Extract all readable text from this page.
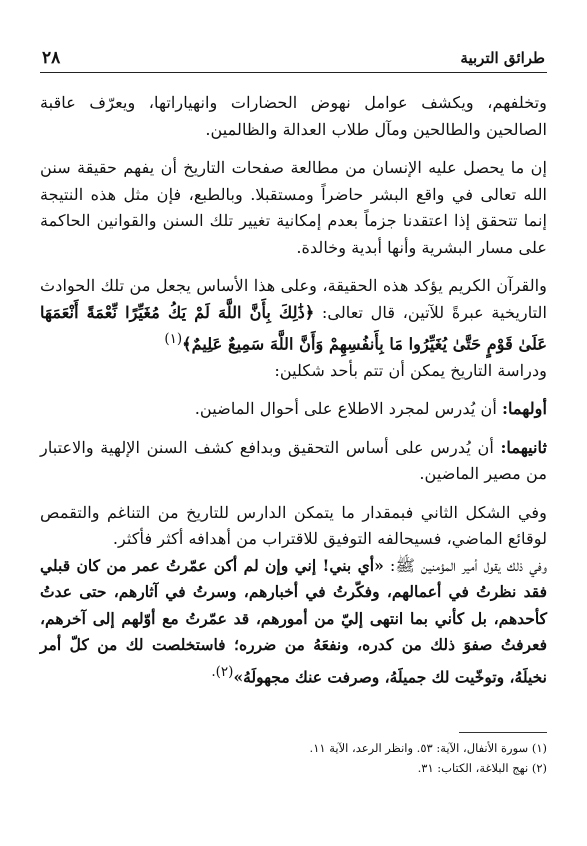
٢٨	طرائق التربية

وتخلفهم، ويكشف عوامل نهوض الحضارات وانهياراتها، ويعرّف عاقبة الصالحين والطالحين ومآل طلاب العدالة والظالمين.

إن ما يحصل عليه الإنسان من مطالعة صفحات التاريخ أن يفهم حقيقة سنن الله تعالى في واقع البشر حاضراً ومستقبلا. وبالطبع، فإن مثل هذه النتيجة إنما تتحقق إذا اعتقدنا جزماً بعدم إمكانية تغيير تلك السنن والقوانين الحاكمة على مسار البشرية وأنها أبدية وخالدة.

والقرآن الكريم يؤكد هذه الحقيقة، وعلى هذا الأساس يجعل من تلك الحوادث التاريخية عبرةً للآتين، قال تعالى: ﴿ذَٰلِكَ بِأَنَّ اللَّهَ لَمْ يَكُ مُغَيِّرًا نِّعْمَةً أَنْعَمَهَا عَلَىٰ قَوْمٍ حَتَّىٰ يُغَيِّرُوا مَا بِأَنفُسِهِمْ وَأَنَّ اللَّهَ سَمِيعٌ عَلِيمٌ﴾$^{(١)}$

ودراسة التاريخ يمكن أن تتم بأحد شكلين:

أولهما: أن يُدرس لمجرد الاطلاع على أحوال الماضين.

ثانيهما: أن يُدرس على أساس التحقيق وبدافع كشف السنن الإلهية والاعتبار من مصير الماضين.

وفي الشكل الثاني فبمقدار ما يتمكن الدارس للتاريخ من التناغم والتقمص لوقائع الماضي، فسيحالفه التوفيق للاقتراب من أهدافه أكثر فأكثر.

وفي ذلك يقول أمير المؤمنين ﷺ: «أي بني! إني وإن لم أكن عمّرتُ عمر من كان قبلي فقد نظرتُ في أعمالهم، وفكّرتُ في أخبارهم، وسرتُ في آثارهم، حتى عدتُ كأحدهم، بل كأني بما انتهى إليّ من أمورهم، قد عمّرتُ مع أوّلهم إلى آخرهم، فعرفتُ صفوَ ذلك من كدره، ونفعَهُ من ضرره؛ فاستخلصت لك من كلّ أمر نخيلَهُ، وتوخّيت لك جميلَهُ، وصرفت عنك مجهولَهُ»$^{(٢).}$

(١) سورة الأنفال، الآية: ٥٣. وانظر الرعد، الآية ١١.
(٢) نهج البلاغة، الكتاب: ٣١.
